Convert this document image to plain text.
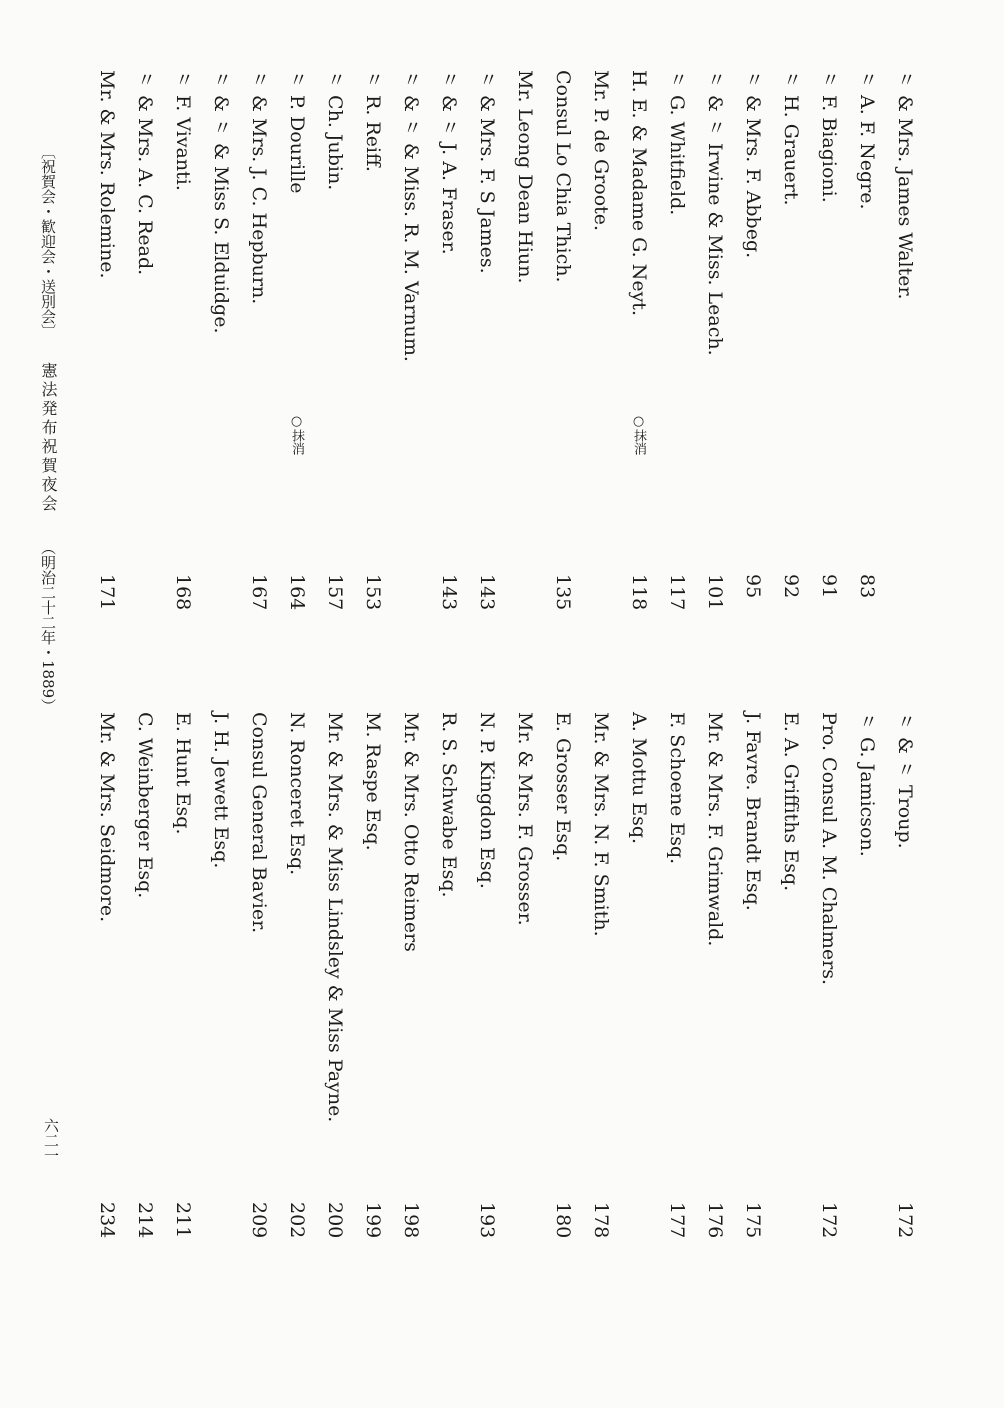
〃 & Mrs. James Walter.
〃 & 〃 Troup.
172
〃 A. F. Negre.
83
〃 G. Jamicson.
〃 F. Biagioni.
91
Pro. Consul A. M. Chalmers.
172
〃 H. Grauert.
92
E. A. Griffiths Esq.
〃 & Mrs. F. Abbeg.
95
J. Favre. Brandt Esq.
175
〃 & 〃 Irwine & Miss. Leach.
101
Mr. & Mrs. F. Grimwald.
176
〃 G. Whitfield.
117
F. Schoene Esq.
177
H. E. & Madame G. Neyt.
○抹消
118
A. Mottu Esq.
Mr. P. de Groote.
Mr. & Mrs. N. F. Smith.
178
Consul Lo Chia Thich.
135
E. Grosser Esq.
180
Mr. Leong Dean Hiun.
Mr. & Mrs. F. Grosser.
〃 & Mrs. F. S James.
143
N. P. Kingdon Esq.
193
〃 & 〃 J. A. Fraser.
143
R. S. Schwabe Esq.
〃 & 〃 & Miss. R. M. Varnum.
Mr. & Mrs. Otto Reimers
198
〃 R. Reiff.
153
M. Raspe Esq.
199
〃 Ch. Jubin.
157
Mr. & Mrs. & Miss Lindsley & Miss Payne.
200
〃 P. Dourille
○抹消
164
N. Ronceret Esq.
202
〃 & Mrs. J. C. Hepburn.
167
Consul General Bavier.
209
〃 & 〃 & Miss S. Elduidge.
J. H. Jewett Esq.
〃 F. Vivanti.
168
E. Hunt Esq.
211
〃 & Mrs. A. C. Read.
C. Weinberger Esq.
214
Mr. & Mrs. Rolemine.
171
Mr. & Mrs. Seidmore.
234
〔祝賀会・歓迎会・送別会〕
憲法発布祝賀夜会
（明治二十二年・1889）
六二一
